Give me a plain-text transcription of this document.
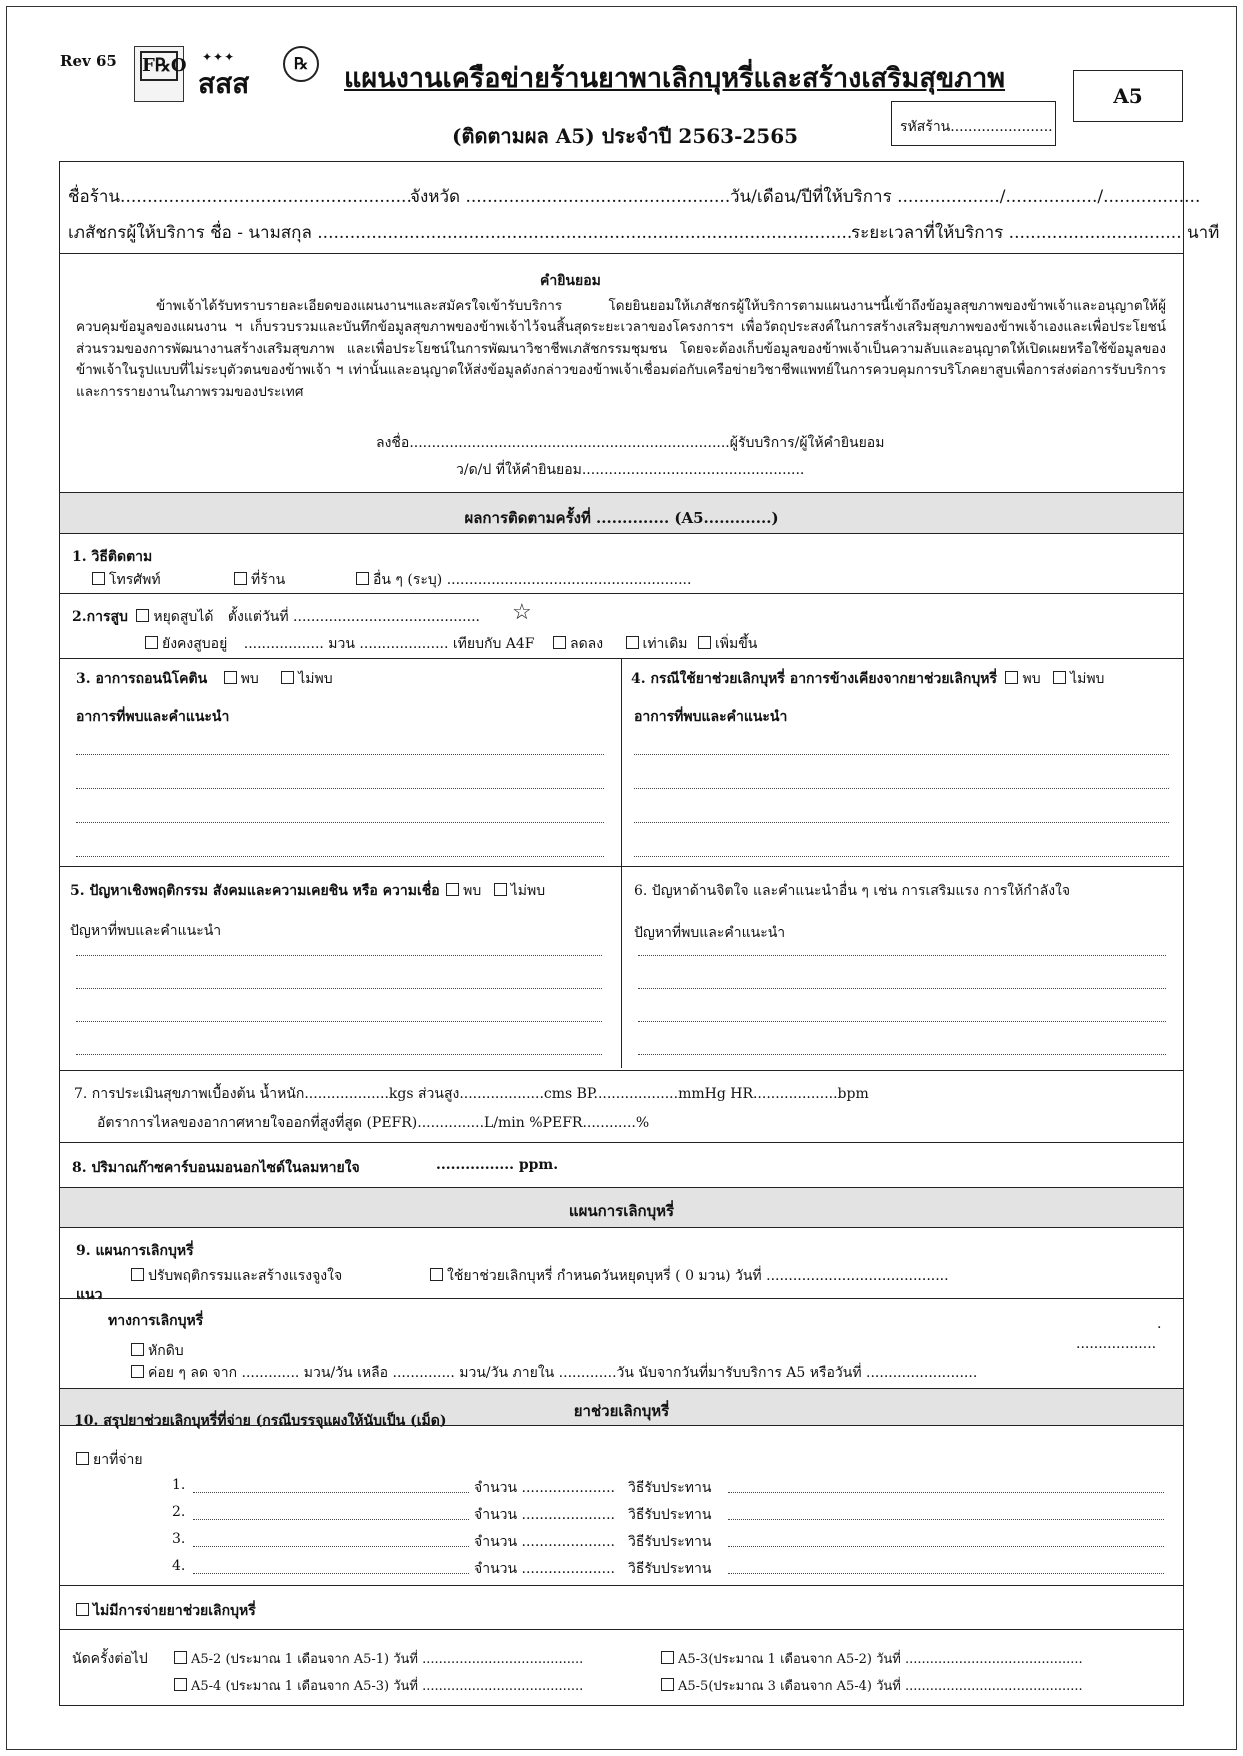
Rev 65 F℞O ✦✦✦
สสส
℞	แผนงานเครือข่ายร้านยาพาเลิกบุหรี่และสร้างเสริมสุขภาพ
(ติดตามผล A5) ประจำปี 2563-2565	รหัสร้าน.......................
A5
ชื่อร้าน......................................................
จังหวัด ................................................. วัน/เดือน/ปีที่ให้บริการ .................../................./..................
เภสัชกรผู้ให้บริการ ชื่อ - นามสกุล ...................................................................................................
ระยะเวลาที่ให้บริการ ................................ นาที
คำยินยอม

ข้าพเจ้าได้รับทราบรายละเอียดของแผนงานฯและสมัครใจเข้ารับบริการ โดยยินยอมให้เภสัชกรผู้ให้บริการตามแผนงานฯนี้เข้าถึงข้อมูลสุขภาพของข้าพเจ้าและอนุญาตให้ผู้ควบคุมข้อมูลของแผนงาน ฯ เก็บรวบรวมและบันทึกข้อมูลสุขภาพของข้าพเจ้าไว้จนสิ้นสุดระยะเวลาของโครงการฯ เพื่อวัตถุประสงค์ในการสร้างเสริมสุขภาพของข้าพเจ้าเองและเพื่อประโยชน์ส่วนรวมของการพัฒนางานสร้างเสริมสุขภาพ และเพื่อประโยชน์ในการพัฒนาวิชาชีพเภสัชกรรมชุมชน โดยจะต้องเก็บข้อมูลของข้าพเจ้าเป็นความลับและอนุญาตให้เปิดเผยหรือใช้ข้อมูลของข้าพเจ้าในรูปแบบที่ไม่ระบุตัวตนของข้าพเจ้า ฯ เท่านั้นและอนุญาตให้ส่งข้อมูลดังกล่าวของข้าพเจ้าเชื่อมต่อกับเครือข่ายวิชาชีพแพทย์ในการควบคุมการบริโภคยาสูบเพื่อการส่งต่อการรับบริการและการรายงานในภาพรวมของประเทศ

ลงชื่อ........................................................................ผู้รับบริการ/ผู้ให้คำยินยอม
ว/ด/ป ที่ให้คำยินยอม..................................................
ผลการติดตามครั้งที่ .............. (A5.............)
1. วิธีติดตาม
โทรศัพท์	ที่ร้าน	อื่น ๆ (ระบุ) .......................................................
2.การสูบ หยุดสูบได้ ตั้งแต่วันที่ .......................................... ☆
ยังคงสูบอยู่ .................. มวน .................... เทียบกับ A4F	ลดลง	เท่าเดิม เพิ่มขึ้น
3. อาการถอนนิโคติน พบ	ไม่พบ
อาการที่พบและคำแนะนำ
4. กรณีใช้ยาช่วยเลิกบุหรี่ อาการข้างเคียงจากยาช่วยเลิกบุหรี่ พบ ไม่พบ
อาการที่พบและคำแนะนำ
5. ปัญหาเชิงพฤติกรรม สังคมและความเคยชิน หรือ ความเชื่อ พบ ไม่พบ
ปัญหาที่พบและคำแนะนำ
6. ปัญหาด้านจิตใจ และคำแนะนำอื่น ๆ เช่น การเสริมแรง การให้กำลังใจ
ปัญหาที่พบและคำแนะนำ
7. การประเมินสุขภาพเบื้องต้น น้ำหนัก...................kgs ส่วนสูง...................cms BP...................mmHg HR...................bpm
อัตราการไหลของอากาศหายใจออกที่สูงที่สูด (PEFR)...............L/min %PEFR............%
8. ปริมาณก๊าซคาร์บอนมอนอกไซด์ในลมหายใจ	................ ppm.
แผนการเลิกบุหรี่
9. แผนการเลิกบุหรี่
ปรับพฤติกรรมและสร้างแรงจูงใจ	ใช้ยาช่วยเลิกบุหรี่ กำหนดวันหยุดบุหรี่ ( 0 มวน) วันที่ .........................................
แนว
ทางการเลิกบุหรี่	.
..................
หักดิบ
ค่อย ๆ ลด จาก ............. มวน/วัน เหลือ .............. มวน/วัน ภายใน .............วัน นับจากวันที่มารับบริการ A5 หรือวันที่ .........................
ยาช่วยเลิกบุหรี่
10. สรุปยาช่วยเลิกบุหรี่ที่จ่าย (กรณีบรรจุแผงให้นับเป็น (เม็ด)
ยาที่จ่าย
1.	จำนวน ..................... วิธีรับประทาน
2.	จำนวน ..................... วิธีรับประทาน
3.	จำนวน ..................... วิธีรับประทาน
4.	จำนวน ..................... วิธีรับประทาน
ไม่มีการจ่ายยาช่วยเลิกบุหรี่
นัดครั้งต่อไป	A5-2 (ประมาณ 1 เดือนจาก A5-1) วันที่ .......................................	A5-3(ประมาณ 1 เดือนจาก A5-2) วันที่ ...........................................
A5-4 (ประมาณ 1 เดือนจาก A5-3) วันที่ .......................................	A5-5(ประมาณ 3 เดือนจาก A5-4) วันที่ ...........................................
